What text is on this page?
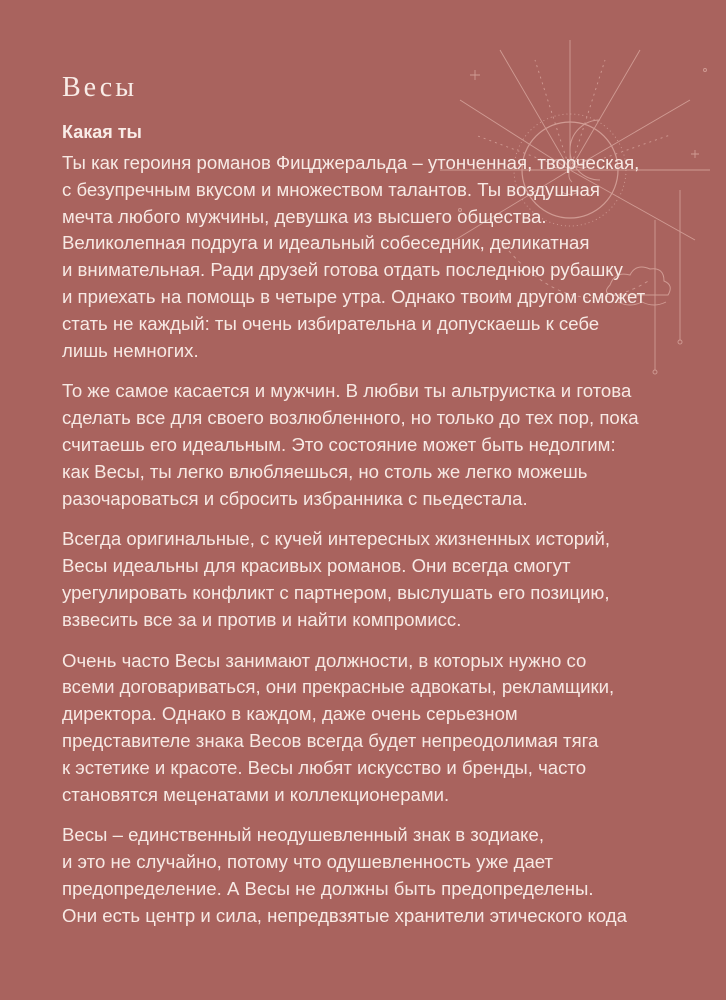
Весы
Какая ты

Ты как героиня романов Фицджеральда – утонченная, творческая,
с безупречным вкусом и множеством талантов. Ты воздушная
мечта любого мужчины, девушка из высшего общества.
Великолепная подруга и идеальный собеседник, деликатная
и внимательная. Ради друзей готова отдать последнюю рубашку
и приехать на помощь в четыре утра. Однако твоим другом сможет
стать не каждый: ты очень избирательна и допускаешь к себе
лишь немногих.

То же самое касается и мужчин. В любви ты альтруистка и готова
сделать все для своего возлюбленного, но только до тех пор, пока
считаешь его идеальным. Это состояние может быть недолгим:
как Весы, ты легко влюбляешься, но столь же легко можешь
разочароваться и сбросить избранника с пьедестала.

Всегда оригинальные, с кучей интересных жизненных историй,
Весы идеальны для красивых романов. Они всегда смогут
урегулировать конфликт с партнером, выслушать его позицию,
взвесить все за и против и найти компромисс.

Очень часто Весы занимают должности, в которых нужно со
всеми договариваться, они прекрасные адвокаты, рекламщики,
директора. Однако в каждом, даже очень серьезном
представителе знака Весов всегда будет непреодолимая тяга
к эстетике и красоте. Весы любят искусство и бренды, часто
становятся меценатами и коллекционерами.

Весы – единственный неодушевленный знак в зодиаке,
и это не случайно, потому что одушевленность уже дает
предопределение. А Весы не должны быть предопределены.
Они есть центр и сила, непредвзятые хранители этического кода
